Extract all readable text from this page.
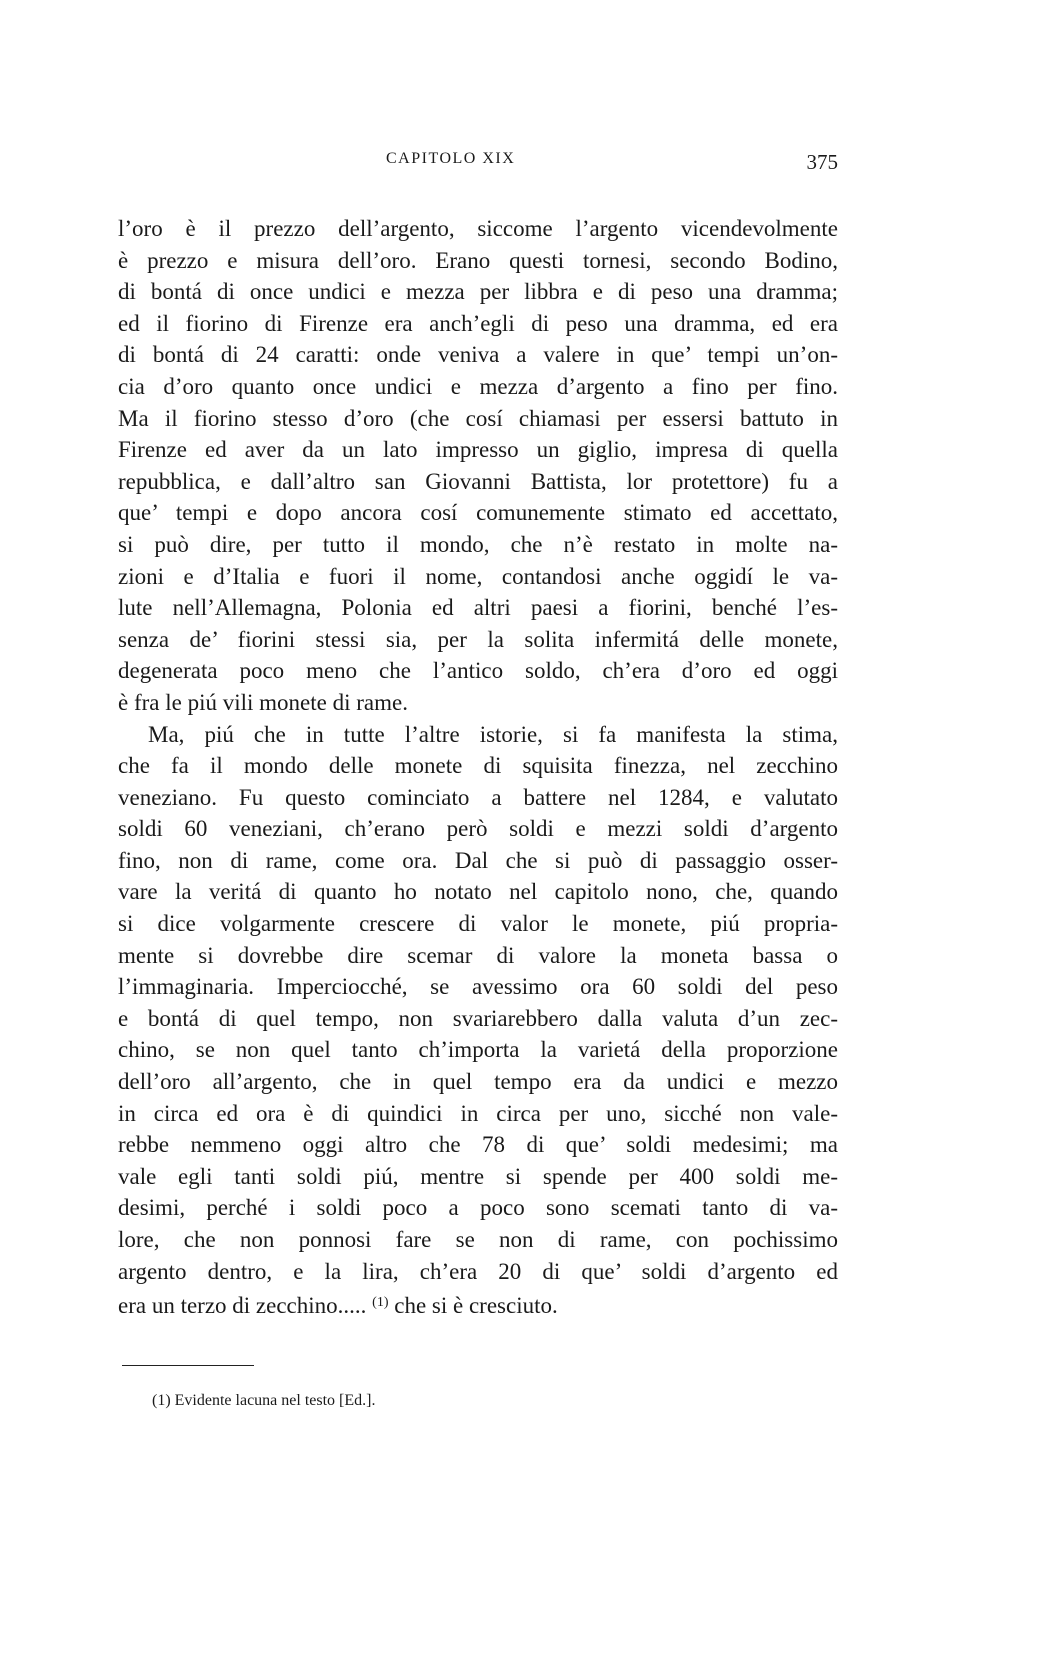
CAPITOLO XIX	375
l’oro è il prezzo dell’argento, siccome l’argento vicendevolmente
è prezzo e misura dell’oro. Erano questi tornesi, secondo Bodino,
di bontá di once undici e mezza per libbra e di peso una dramma;
ed il fiorino di Firenze era anch’egli di peso una dramma, ed era
di bontá di 24 caratti: onde veniva a valere in que’ tempi un’on-
cia d’oro quanto once undici e mezza d’argento a fino per fino.
Ma il fiorino stesso d’oro (che cosí chiamasi per essersi battuto in
Firenze ed aver da un lato impresso un giglio, impresa di quella
repubblica, e dall’altro san Giovanni Battista, lor protettore) fu a
que’ tempi e dopo ancora cosí comunemente stimato ed accettato,
si può dire, per tutto il mondo, che n’è restato in molte na-
zioni e d’Italia e fuori il nome, contandosi anche oggidí le va-
lute nell’Allemagna, Polonia ed altri paesi a fiorini, benché l’es-
senza de’ fiorini stessi sia, per la solita infermitá delle monete,
degenerata poco meno che l’antico soldo, ch’era d’oro ed oggi
è fra le piú vili monete di rame.
Ma, piú che in tutte l’altre istorie, si fa manifesta la stima,
che fa il mondo delle monete di squisita finezza, nel zecchino
veneziano. Fu questo cominciato a battere nel 1284, e valutato
soldi 60 veneziani, ch’erano però soldi e mezzi soldi d’argento
fino, non di rame, come ora. Dal che si può di passaggio osser-
vare la veritá di quanto ho notato nel capitolo nono, che, quando
si dice volgarmente crescere di valor le monete, piú propria-
mente si dovrebbe dire scemar di valore la moneta bassa o
l’immaginaria. Imperciocché, se avessimo ora 60 soldi del peso
e bontá di quel tempo, non svariarebbero dalla valuta d’un zec-
chino, se non quel tanto ch’importa la varietá della proporzione
dell’oro all’argento, che in quel tempo era da undici e mezzo
in circa ed ora è di quindici in circa per uno, sicché non vale-
rebbe nemmeno oggi altro che 78 di que’ soldi medesimi; ma
vale egli tanti soldi piú, mentre si spende per 400 soldi me-
desimi, perché i soldi poco a poco sono scemati tanto di va-
lore, che non ponnosi fare se non di rame, con pochissimo
argento dentro, e la lira, ch’era 20 di que’ soldi d’argento ed
era un terzo di zecchino..... $^{(1)}$ che si è cresciuto.
(1) Evidente lacuna nel testo [Ed.].
